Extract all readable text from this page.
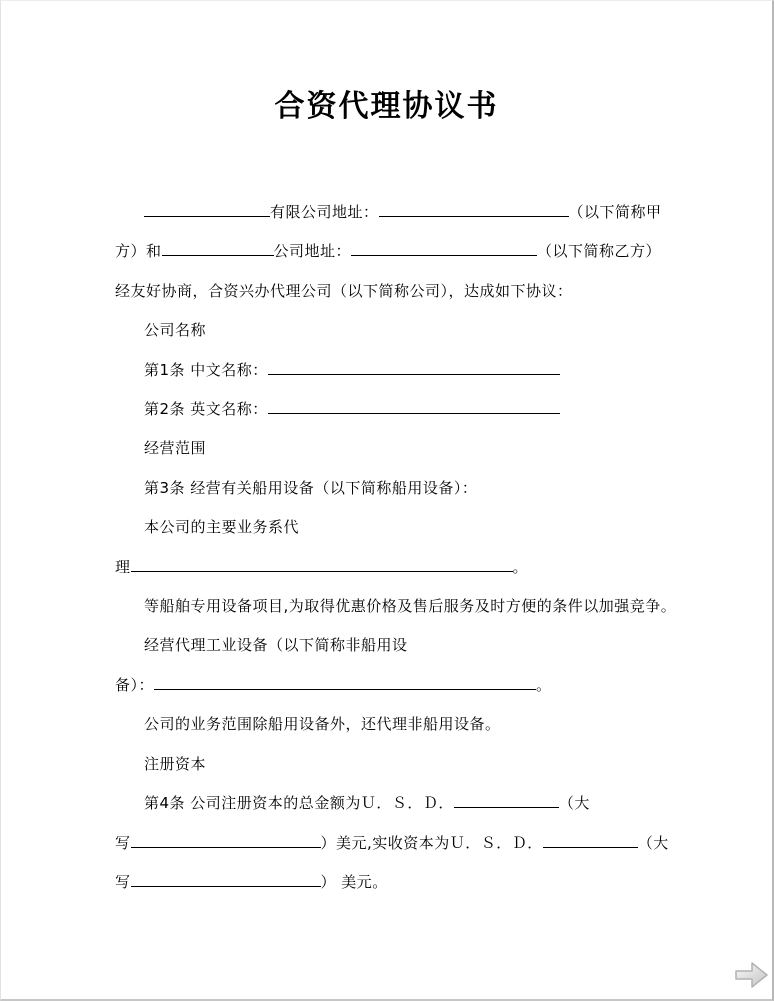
合资代理协议书
有限公司地址：	（以下简称甲
方）和	公司地址：	（以下简称乙方）
经友好协商，合资兴办代理公司（以下简称公司），达成如下协议：
公司名称
第1条 中文名称：
第2条 英文名称：
经营范围
第3条 经营有关船用设备（以下简称船用设备）：
本公司的主要业务系代
理	。
等船舶专用设备项目,为取得优惠价格及售后服务及时方便的条件以加强竞争。
经营代理工业设备（以下简称非船用设
备）：	。
公司的业务范围除船用设备外，还代理非船用设备。
注册资本
第4条 公司注册资本的总金额为Ｕ．Ｓ．Ｄ．	（大
写	）美元,实收资本为Ｕ．Ｓ．Ｄ．	（大
写	） 美元。
